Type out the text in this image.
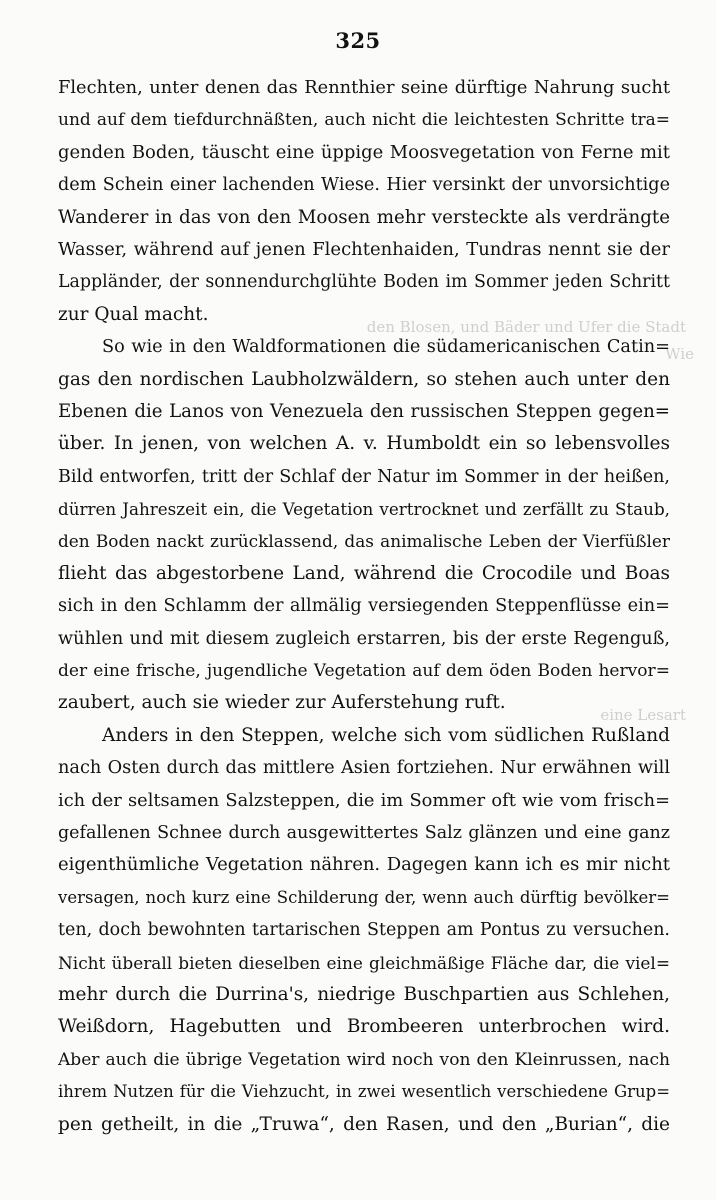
den Blosen, und Bäder und Ufer die Stadt
Wie
eine Lesart
325
Flechten, unter denen das Rennthier seine dürftige Nahrung sucht
und auf dem tiefdurchnäßten, auch nicht die leichtesten Schritte tra=
genden Boden, täuscht eine üppige Moosvegetation von Ferne mit
dem Schein einer lachenden Wiese. Hier versinkt der unvorsichtige
Wanderer in das von den Moosen mehr versteckte als verdrängte
Wasser, während auf jenen Flechtenhaiden, Tundras nennt sie der
Lappländer, der sonnendurchglühte Boden im Sommer jeden Schritt
zur Qual macht.
So wie in den Waldformationen die südamericanischen Catin=
gas den nordischen Laubholzwäldern, so stehen auch unter den
Ebenen die Lanos von Venezuela den russischen Steppen gegen=
über. In jenen, von welchen A. v. Humboldt ein so lebensvolles
Bild entworfen, tritt der Schlaf der Natur im Sommer in der heißen,
dürren Jahreszeit ein, die Vegetation vertrocknet und zerfällt zu Staub,
den Boden nackt zurücklassend, das animalische Leben der Vierfüßler
flieht das abgestorbene Land, während die Crocodile und Boas
sich in den Schlamm der allmälig versiegenden Steppenflüsse ein=
wühlen und mit diesem zugleich erstarren, bis der erste Regenguß,
der eine frische, jugendliche Vegetation auf dem öden Boden hervor=
zaubert, auch sie wieder zur Auferstehung ruft.
Anders in den Steppen, welche sich vom südlichen Rußland
nach Osten durch das mittlere Asien fortziehen. Nur erwähnen will
ich der seltsamen Salzsteppen, die im Sommer oft wie vom frisch=
gefallenen Schnee durch ausgewittertes Salz glänzen und eine ganz
eigenthümliche Vegetation nähren. Dagegen kann ich es mir nicht
versagen, noch kurz eine Schilderung der, wenn auch dürftig bevölker=
ten, doch bewohnten tartarischen Steppen am Pontus zu versuchen.
Nicht überall bieten dieselben eine gleichmäßige Fläche dar, die viel=
mehr durch die Durrina's, niedrige Buschpartien aus Schlehen,
Weißdorn, Hagebutten und Brombeeren unterbrochen wird.
Aber auch die übrige Vegetation wird noch von den Kleinrussen, nach
ihrem Nutzen für die Viehzucht, in zwei wesentlich verschiedene Grup=
pen getheilt, in die „Truwa“, den Rasen, und den „Burian“, die
